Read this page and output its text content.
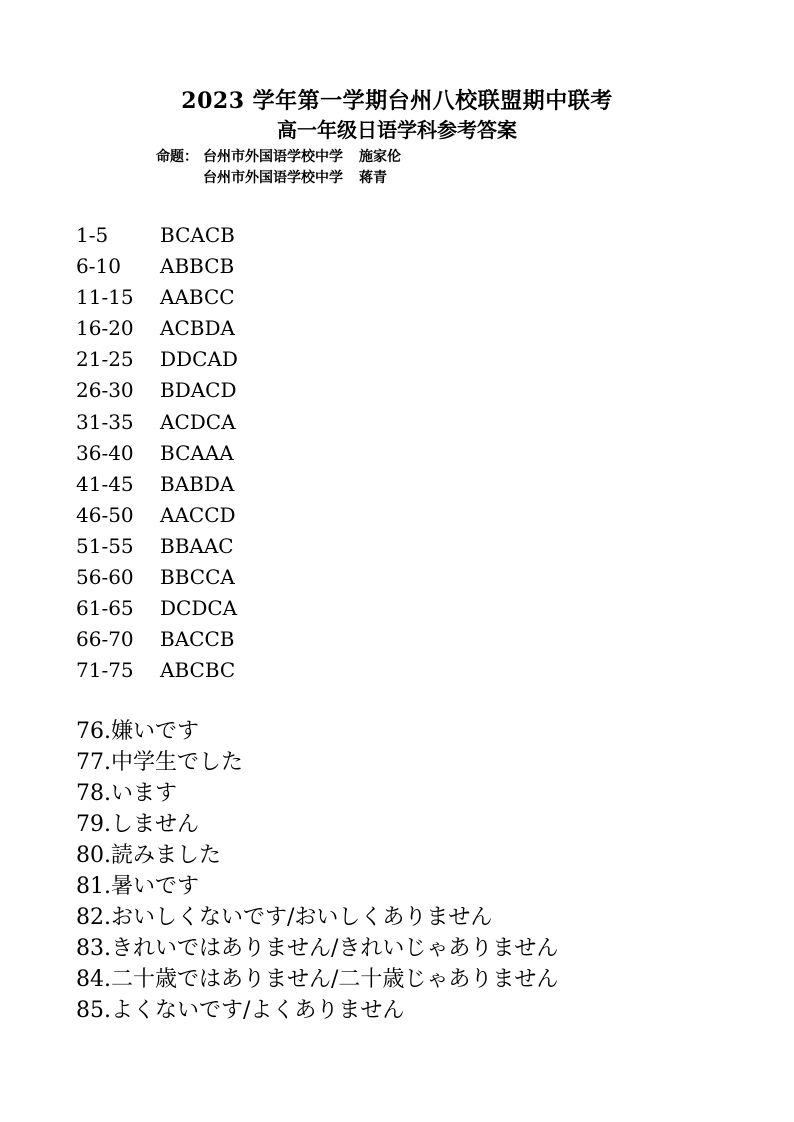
2023 学年第一学期台州八校联盟期中联考
高一年级日语学科参考答案
命题： 台州市外国语学校中学 施家伦
台州市外国语学校中学 蒋青
1-5	BCACB
6-10 ABBCB
11-15 AABCC
16-20 ACBDA
21-25 DDCAD
26-30 BDACD
31-35 ACDCA
36-40 BCAAA
41-45 BABDA
46-50 AACCD
51-55 BBAAC
56-60 BBCCA
61-65 DCDCA
66-70 BACCB
71-75 ABCBC
76.嫌いです
77.中学生でした
78.います
79.しません
80.読みました
81.暑いです
82.おいしくないです/おいしくありません
83.きれいではありません/きれいじゃありません
84.二十歳ではありません/二十歳じゃありません
85.よくないです/よくありません
